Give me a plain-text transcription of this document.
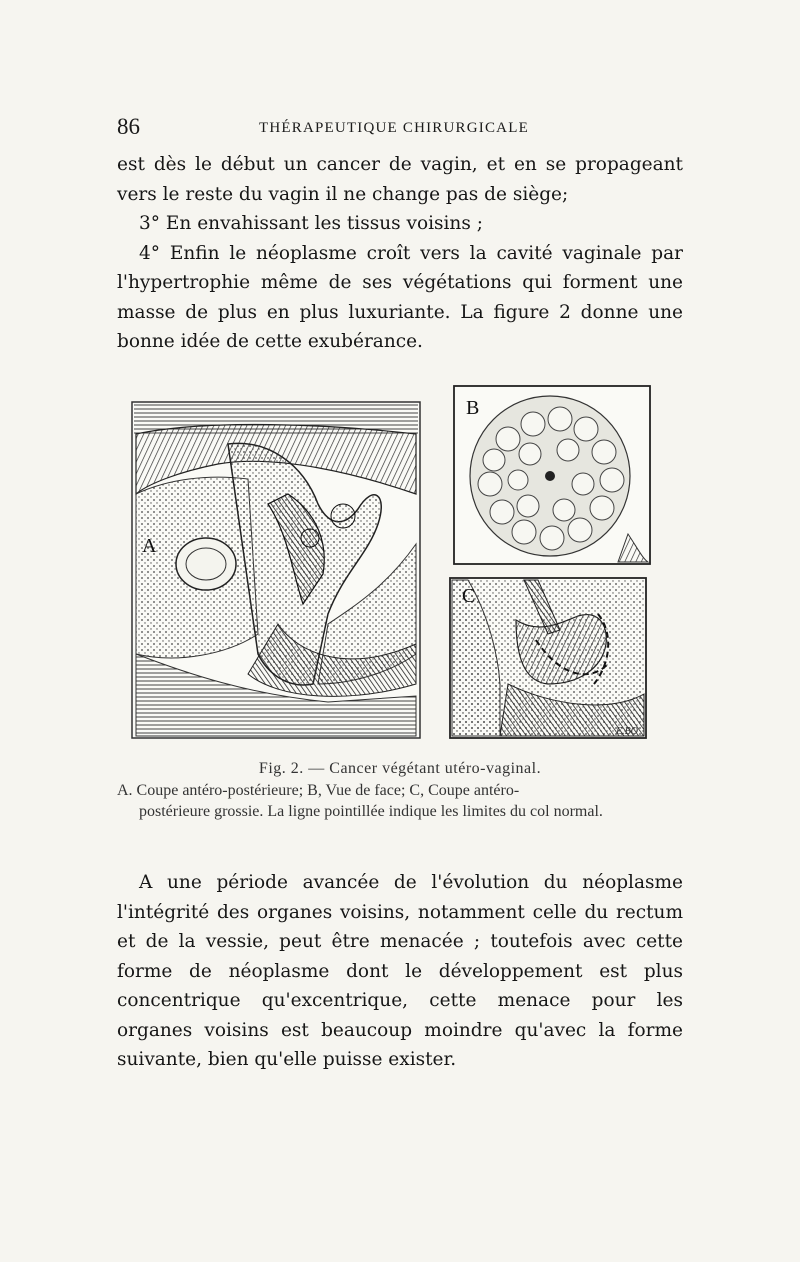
86	THÉRAPEUTIQUE CHIRURGICALE

est dès le début un cancer de vagin, et en se propageant vers le reste du vagin il ne change pas de siège;

3° En envahissant les tissus voisins ;

4° Enfin le néoplasme croît vers la cavité vaginale par l'hypertrophie même de ses végétations qui forment une masse de plus en plus luxuriante. La figure 2 donne une bonne idée de cette exubérance.

A
B
C
E.BO
Fig. 2. — Cancer végétant utéro-vaginal.
A. Coupe antéro-postérieure; B, Vue de face; C, Coupe antéro-
postérieure grossie. La ligne pointillée indique les limites du col normal.

A une période avancée de l'évolution du néoplasme l'intégrité des organes voisins, notamment celle du rectum et de la vessie, peut être menacée ; toutefois avec cette forme de néoplasme dont le développement est plus concentrique qu'excentrique, cette menace pour les organes voisins est beaucoup moindre qu'avec la forme suivante, bien qu'elle puisse exister.
